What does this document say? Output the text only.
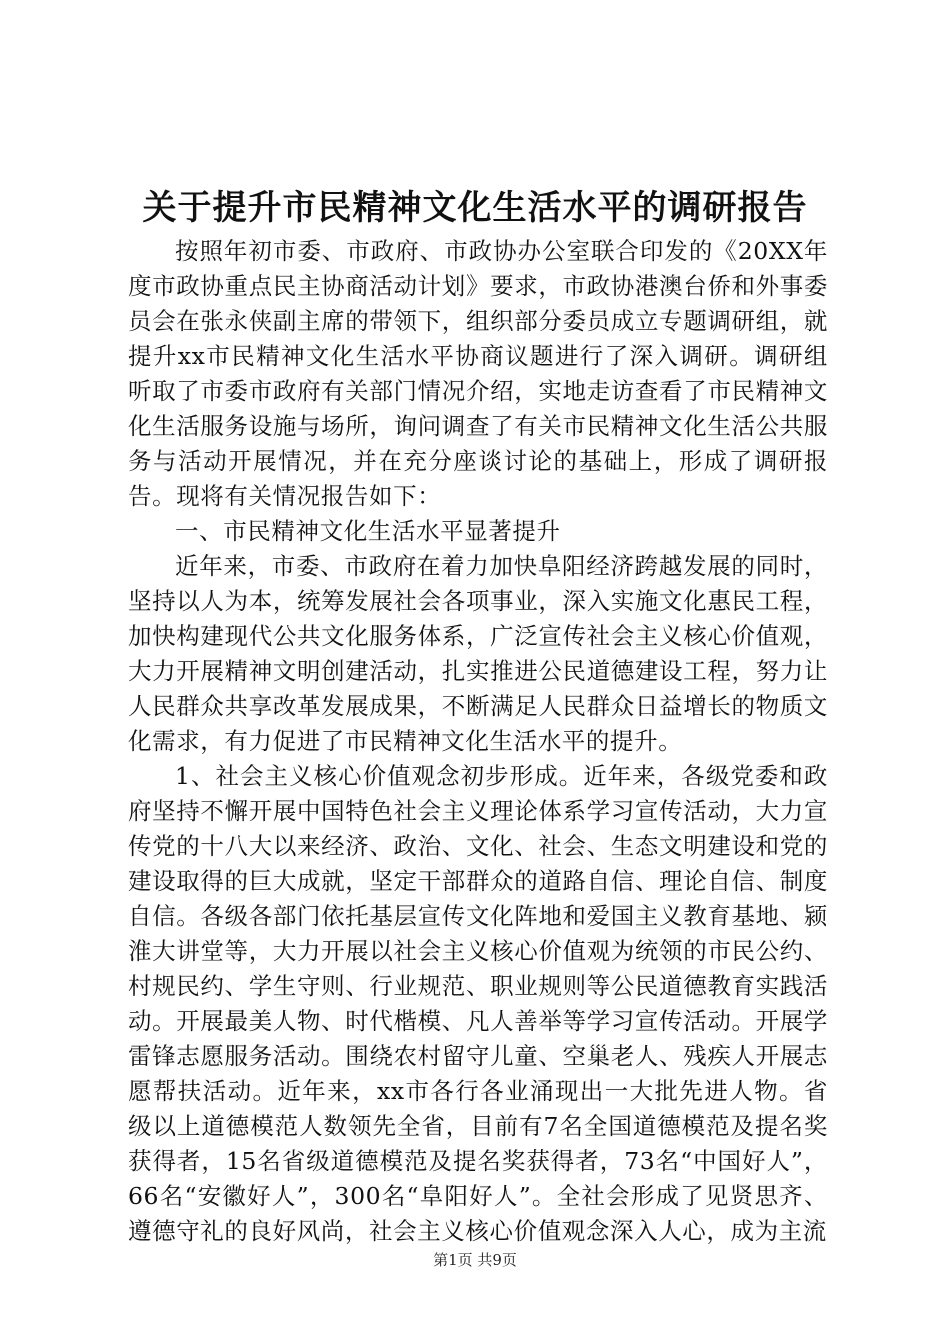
关于提升市民精神文化生活水平的调研报告

按照年初市委、市政府、市政协办公室联合印发的《20XX年度市政协重点民主协商活动计划》要求，市政协港澳台侨和外事委员会在张永侠副主席的带领下，组织部分委员成立专题调研组，就提升xx市民精神文化生活水平协商议题进行了深入调研。调研组听取了市委市政府有关部门情况介绍，实地走访查看了市民精神文化生活服务设施与场所，询问调查了有关市民精神文化生活公共服务与活动开展情况，并在充分座谈讨论的基础上，形成了调研报告。现将有关情况报告如下：

一、市民精神文化生活水平显著提升

近年来，市委、市政府在着力加快阜阳经济跨越发展的同时，坚持以人为本，统筹发展社会各项事业，深入实施文化惠民工程，加快构建现代公共文化服务体系，广泛宣传社会主义核心价值观，大力开展精神文明创建活动，扎实推进公民道德建设工程，努力让人民群众共享改革发展成果，不断满足人民群众日益增长的物质文化需求，有力促进了市民精神文化生活水平的提升。

1、社会主义核心价值观念初步形成。近年来，各级党委和政府坚持不懈开展中国特色社会主义理论体系学习宣传活动，大力宣传党的十八大以来经济、政治、文化、社会、生态文明建设和党的建设取得的巨大成就，坚定干部群众的道路自信、理论自信、制度自信。各级各部门依托基层宣传文化阵地和爱国主义教育基地、颍淮大讲堂等，大力开展以社会主义核心价值观为统领的市民公约、村规民约、学生守则、行业规范、职业规则等公民道德教育实践活动。开展最美人物、时代楷模、凡人善举等学习宣传活动。开展学雷锋志愿服务活动。围绕农村留守儿童、空巢老人、残疾人开展志愿帮扶活动。近年来，xx市各行各业涌现出一大批先进人物。省级以上道德模范人数领先全省，目前有7名全国道德模范及提名奖获得者，15名省级道德模范及提名奖获得者，73名“中国好人”，66名“安徽好人”，300名“阜阳好人”。全社会形成了见贤思齐、遵德守礼的良好风尚，社会主义核心价值观念深入人心，成为主流

第1页 共9页
